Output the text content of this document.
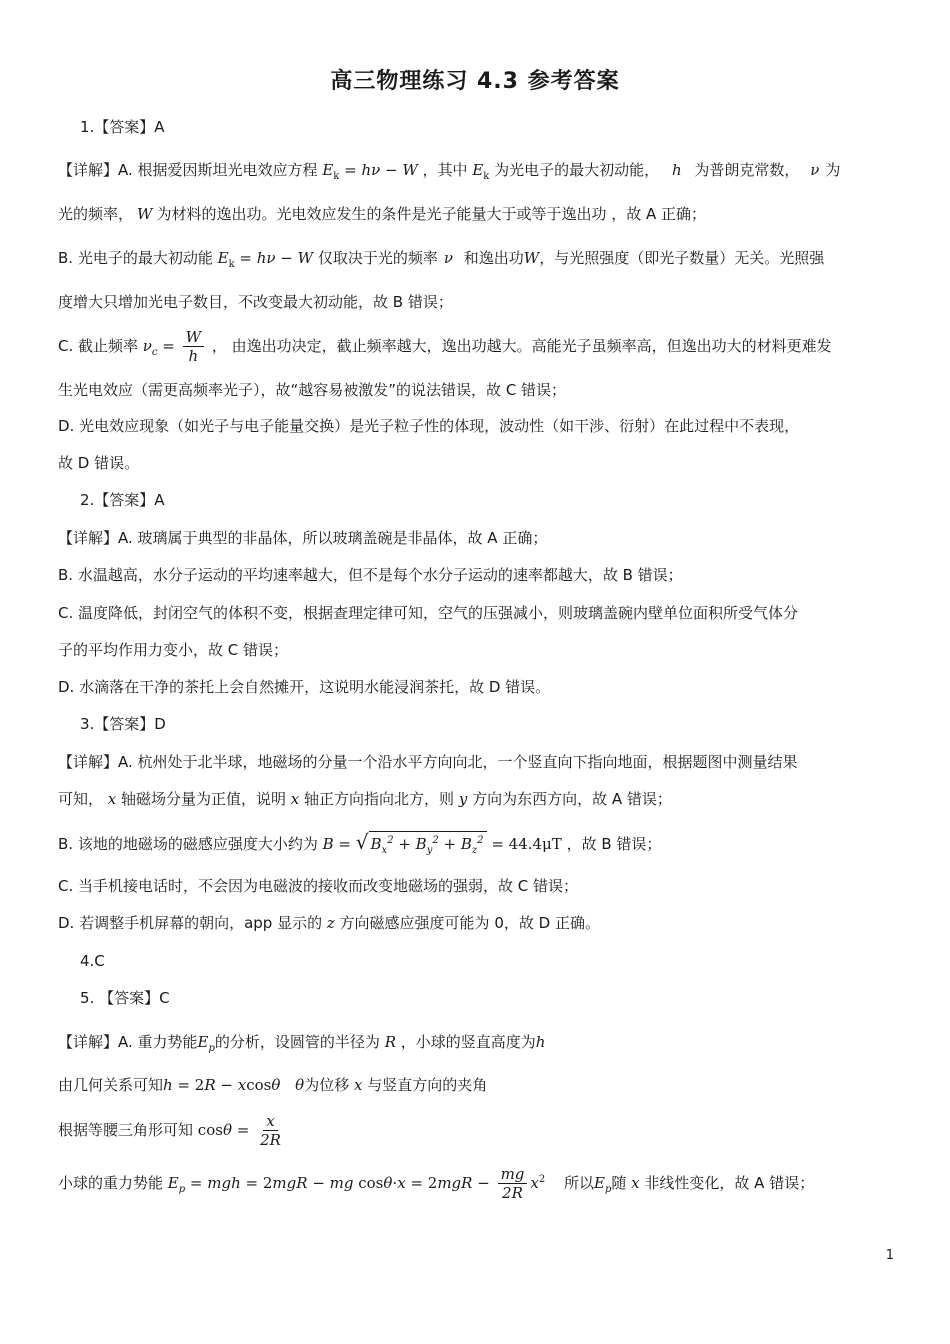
高三物理练习 4.3 参考答案
1.【答案】A
【详解】A. 根据爱因斯坦光电效应方程 $E_k = h\nu - W$ ，其中 $E_k$ 为光电子的最大初动能， h 为普朗克常数， ν 为
光的频率， W 为材料的逸出功。光电效应发生的条件是光子能量大于或等于逸出功 ，故 A 正确；
B. 光电子的最大初动能 $E_k = h\nu - W$ 仅取决于光的频率 ν 和逸出功W，与光照强度（即光子数量）无关。光照强
度增大只增加光电子数目，不改变最大初动能，故 B 错误；
C. 截止频率 $\nu_c = \frac{W}{h}$ ， 由逸出功决定，截止频率越大，逸出功越大。高能光子虽频率高，但逸出功大的材料更难发
生光电效应（需更高频率光子），故“越容易被激发”的说法错误，故 C 错误；
D. 光电效应现象（如光子与电子能量交换）是光子粒子性的体现，波动性（如干涉、衍射）在此过程中不表现，
故 D 错误。
2.【答案】A
【详解】A. 玻璃属于典型的非晶体，所以玻璃盖碗是非晶体，故 A 正确；
B. 水温越高，水分子运动的平均速率越大，但不是每个水分子运动的速率都越大，故 B 错误；
C. 温度降低，封闭空气的体积不变，根据查理定律可知，空气的压强减小，则玻璃盖碗内壁单位面积所受气体分
子的平均作用力变小，故 C 错误；
D. 水滴落在干净的茶托上会自然摊开，这说明水能浸润茶托，故 D 错误。
3.【答案】D
【详解】A. 杭州处于北半球，地磁场的分量一个沿水平方向向北，一个竖直向下指向地面，根据题图中测量结果
可知， x 轴磁场分量为正值，说明 x 轴正方向指向北方，则 y 方向为东西方向，故 A 错误；
B. 该地的地磁场的磁感应强度大小约为 B = √ $B_x^2 + B_y^2 + B_z^2 = 44.4\mu T$ ，故 B 错误；
C. 当手机接电话时，不会因为电磁波的接收而改变地磁场的强弱，故 C 错误；
D. 若调整手机屏幕的朝向，app 显示的 z 方向磁感应强度可能为 0，故 D 正确。
4.C
5. 【答案】C
【详解】A. 重力势能$E_p$的分析，设圆管的半径为 R ，小球的竖直高度为h
由几何关系可知h = 2R − xcosθ θ为位移 x 与竖直方向的夹角
根据等腰三角形可知 $\cos\theta = \frac{x}{2R}$
小球的重力势能 $E_p$ = mgh = 2mgR − mg $\cos\theta\cdot x = 2mgR - \frac{mg}{2R} x^2$ 所以$E_p$随 x 非线性变化，故 A 错误；
1
